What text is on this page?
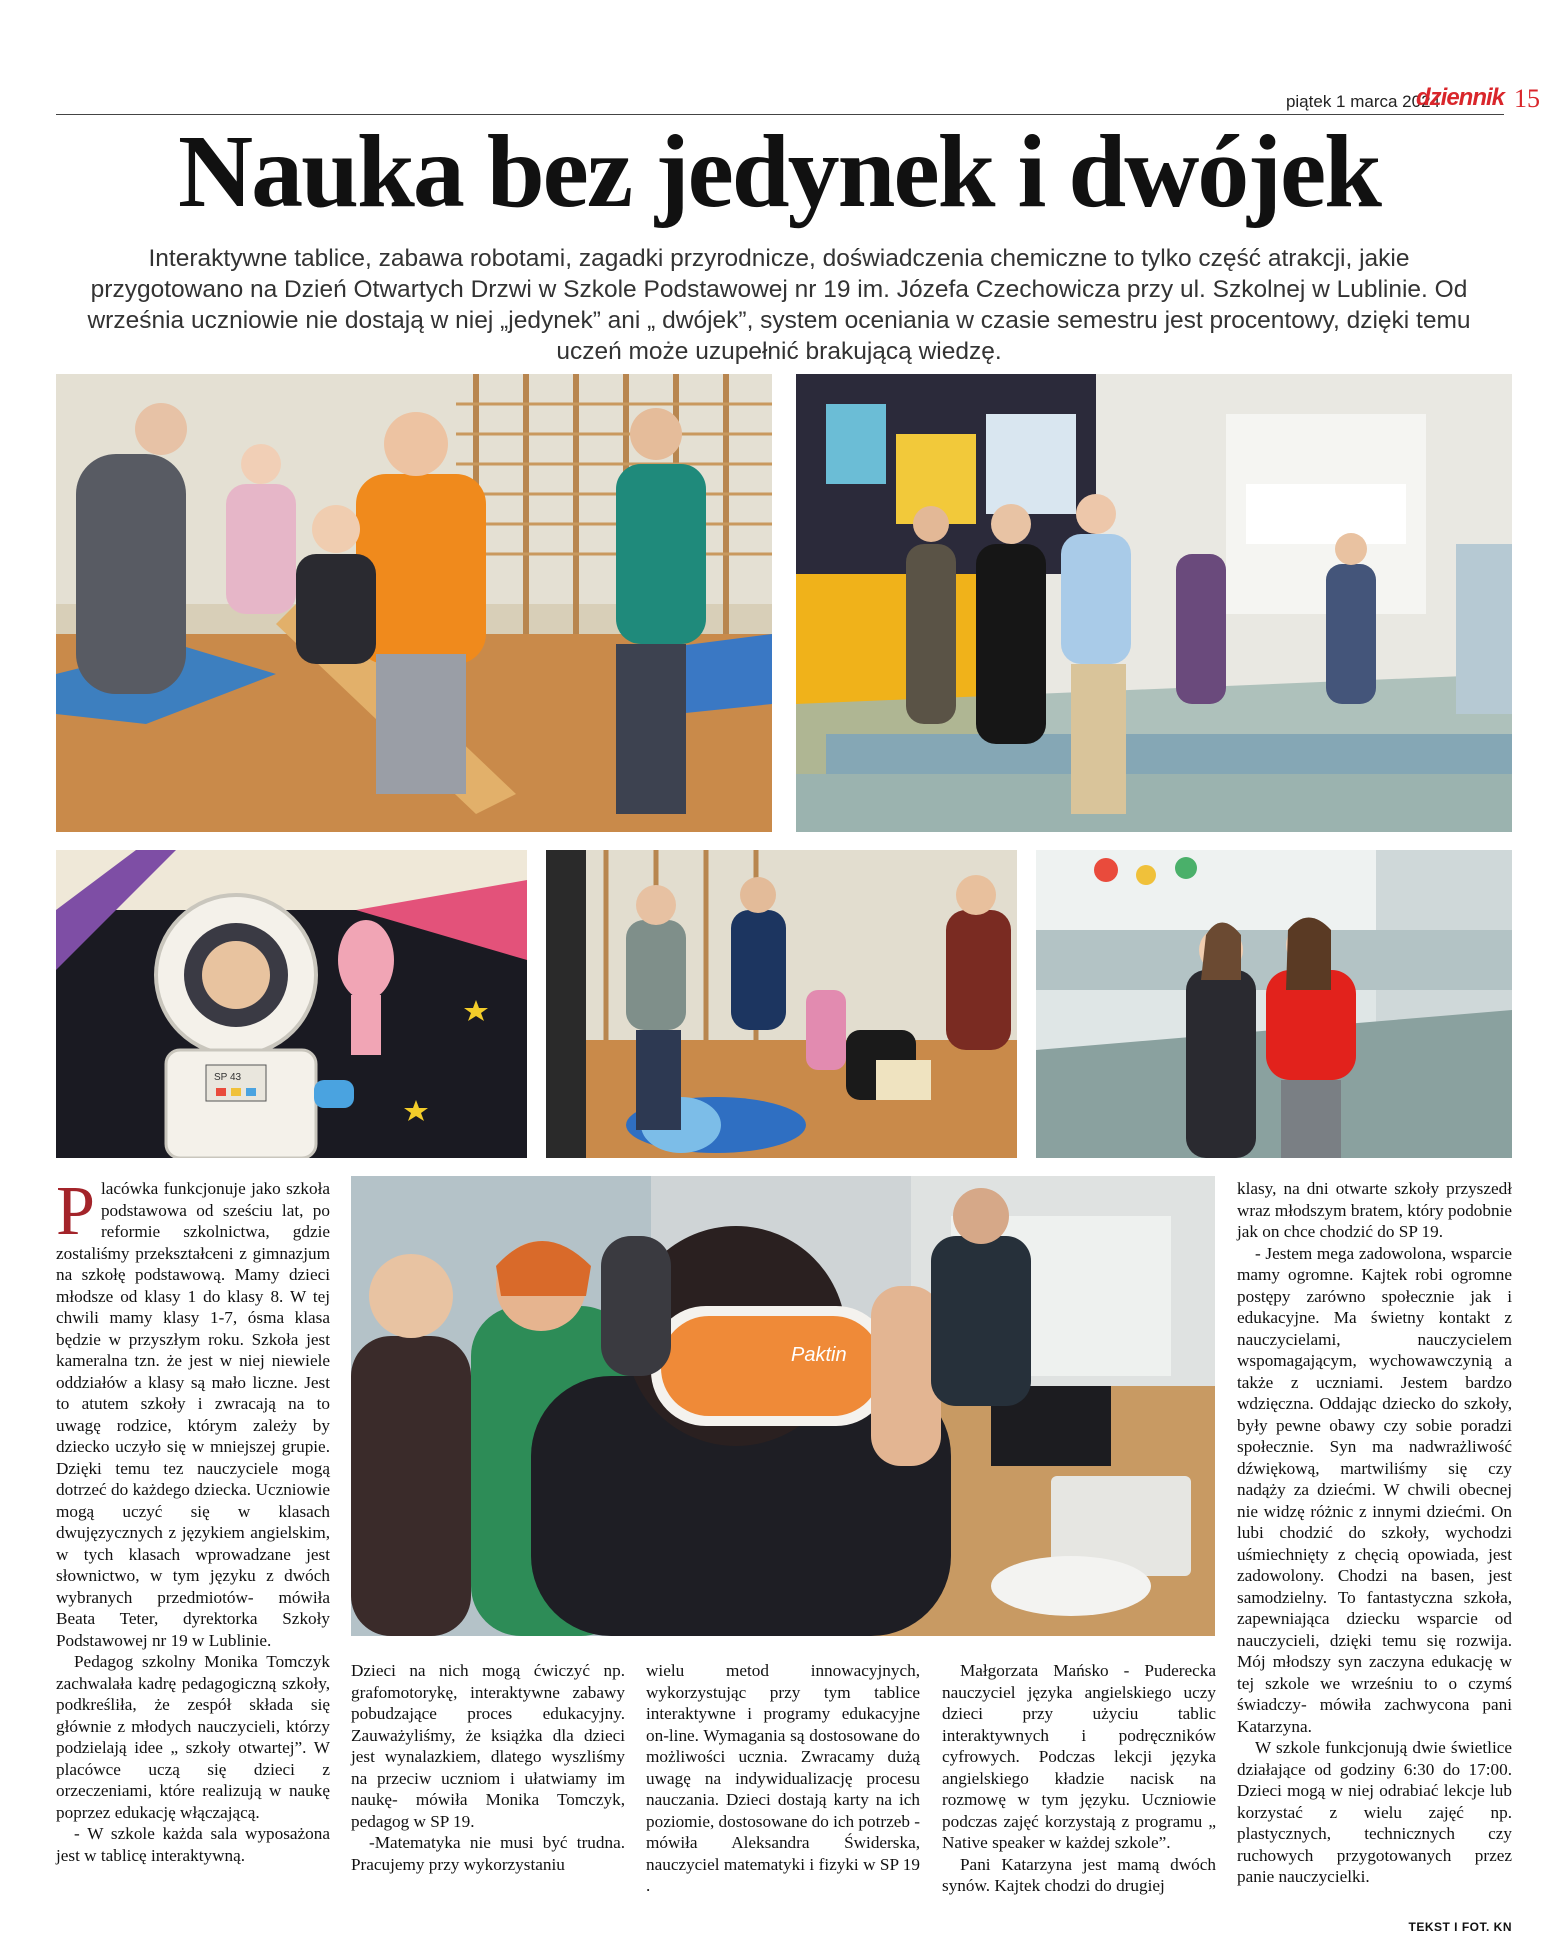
piątek 1 marca 2024
dziennik 15
Nauka bez jedynek i dwójek
Interaktywne tablice, zabawa robotami, zagadki przyrodnicze, doświadczenia chemiczne to tylko część atrakcji, jakie przygotowano na Dzień Otwartych Drzwi w Szkole Podstawowej nr 19 im. Józefa Czechowicza przy ul. Szkolnej w Lublinie. Od września uczniowie nie dostają w niej „jedynek” ani „ dwójek”, system oceniania w czasie semestru jest procentowy, dzięki temu uczeń może uzupełnić brakującą wiedzę.
SP 43
Paktin

Placówka funkcjonuje jako szkoła podstawowa od sześciu lat, po reformie szkolnictwa, gdzie zostaliśmy przekształceni z gimnazjum na szkołę podstawową. Mamy dzieci młodsze od klasy 1 do klasy 8. W tej chwili mamy klasy 1-7, ósma klasa będzie w przyszłym roku. Szkoła jest kameralna tzn. że jest w niej niewiele oddziałów a klasy są mało liczne. Jest to atutem szkoły i zwracają na to uwagę rodzice, którym zależy by dziecko uczyło się w mniejszej grupie. Dzięki temu tez nauczyciele mogą dotrzeć do każdego dziecka. Uczniowie mogą uczyć się w klasach dwujęzycznych z językiem angielskim, w tych klasach wprowadzane jest słownictwo, w tym języku z dwóch wybranych przedmiotów- mówiła Beata Teter, dyrektorka Szkoły Podstawowej nr 19 w Lublinie.

Pedagog szkolny Monika Tomczyk zachwalała kadrę pedagogiczną szkoły, podkreśliła, że zespół składa się głównie z młodych nauczycieli, którzy podzielają idee „ szkoły otwartej”. W placówce uczą się dzieci z orzeczeniami, które realizują w naukę poprzez edukację włączającą.

- W szkole każda sala wyposażona jest w tablicę interaktywną.

Dzieci na nich mogą ćwiczyć np. grafomotorykę, interaktywne zabawy pobudzające proces edukacyjny. Zauważyliśmy, że książka dla dzieci jest wynalazkiem, dlatego wyszliśmy na przeciw uczniom i ułatwiamy im naukę- mówiła Monika Tomczyk, pedagog w SP 19.

-Matematyka nie musi być trudna. Pracujemy przy wykorzystaniu

wielu metod innowacyjnych, wykorzystując przy tym tablice interaktywne i programy edukacyjne on-line. Wymagania są dostosowane do możliwości ucznia. Zwracamy dużą uwagę na indywidualizację procesu nauczania. Dzieci dostają karty na ich poziomie, dostosowane do ich potrzeb - mówiła Aleksandra Świderska, nauczyciel matematyki i fizyki w SP 19 .

Małgorzata Mańsko - Puderecka nauczyciel języka angielskiego uczy dzieci przy użyciu tablic interaktywnych i podręczników cyfrowych. Podczas lekcji języka angielskiego kładzie nacisk na rozmowę w tym języku. Uczniowie podczas zajęć korzystają z programu „ Native speaker w każdej szkole”.

Pani Katarzyna jest mamą dwóch synów. Kajtek chodzi do drugiej

klasy, na dni otwarte szkoły przyszedł wraz młodszym bratem, który podobnie jak on chce chodzić do SP 19.

- Jestem mega zadowolona, wsparcie mamy ogromne. Kajtek robi ogromne postępy zarówno społecznie jak i edukacyjne. Ma świetny kontakt z nauczycielami, nauczycielem wspomagającym, wychowawczynią a także z uczniami. Jestem bardzo wdzięczna. Oddając dziecko do szkoły, były pewne obawy czy sobie poradzi społecznie. Syn ma nadwrażliwość dźwiękową, martwiliśmy się czy nadąży za dziećmi. W chwili obecnej nie widzę różnic z innymi dziećmi. On lubi chodzić do szkoły, wychodzi uśmiechnięty z chęcią opowiada, jest zadowolony. Chodzi na basen, jest samodzielny. To fantastyczna szkoła, zapewniająca dziecku wsparcie od nauczycieli, dzięki temu się rozwija. Mój młodszy syn zaczyna edukację w tej szkole we wrześniu to o czymś świadczy- mówiła zachwycona pani Katarzyna.

W szkole funkcjonują dwie świetlice działające od godziny 6:30 do 17:00. Dzieci mogą w niej odrabiać lekcje lub korzystać z wielu zajęć np. plastycznych, technicznych czy ruchowych przygotowanych przez panie nauczycielki.

TEKST I FOT. KN
